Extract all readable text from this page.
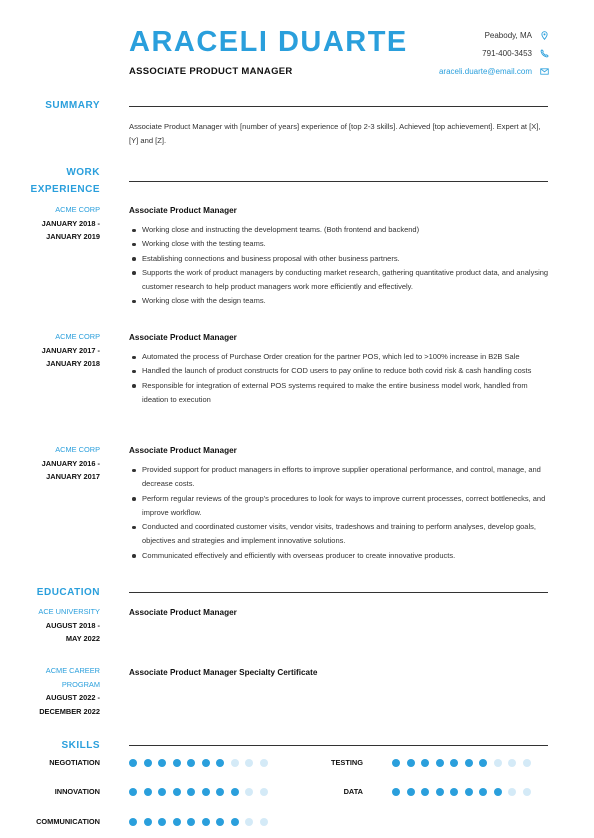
ARACELI DUARTE
ASSOCIATE PRODUCT MANAGER
Peabody, MA
791-400-3453
araceli.duarte@email.com
SUMMARY
Associate Product Manager with [number of years] experience of [top 2-3 skills]. Achieved [top achievement]. Expert at [X], [Y] and [Z].
WORK
EXPERIENCE
ACME CORP
JANUARY 2018 -
JANUARY 2019
Associate Product Manager
Working close and instructing the development teams. (Both frontend and backend)
Working close with the testing teams.
Establishing connections and business proposal with other business partners.
Supports the work of product managers by conducting market research, gathering quantitative product data, and analysing customer research to help product managers work more efficiently and effectively.
Working close with the design teams.
ACME CORP
JANUARY 2017 -
JANUARY 2018
Associate Product Manager
Automated the process of Purchase Order creation for the partner POS, which led to >100% increase in B2B Sale
Handled the launch of product constructs for COD users to pay online to reduce both covid risk & cash handling costs
Responsible for integration of external POS systems required to make the entire business model work, handled from ideation to execution
ACME CORP
JANUARY 2016 -
JANUARY 2017
Associate Product Manager
Provided support for product managers in efforts to improve supplier operational performance, and control, manage, and decrease costs.
Perform regular reviews of the group's procedures to look for ways to improve current processes, correct bottlenecks, and improve workflow.
Conducted and coordinated customer visits, vendor visits, tradeshows and training to perform analyses, develop goals, objectives and strategies and implement innovative solutions.
Communicated effectively and efficiently with overseas producer to create innovative products.
EDUCATION
ACE UNIVERSITY
AUGUST 2018 -
MAY 2022
Associate Product Manager
ACME CAREER
PROGRAM
AUGUST 2022 -
DECEMBER 2022
Associate Product Manager Specialty Certificate
SKILLS
NEGOTIATION	TESTING
INNOVATION	DATA
COMMUNICATION
